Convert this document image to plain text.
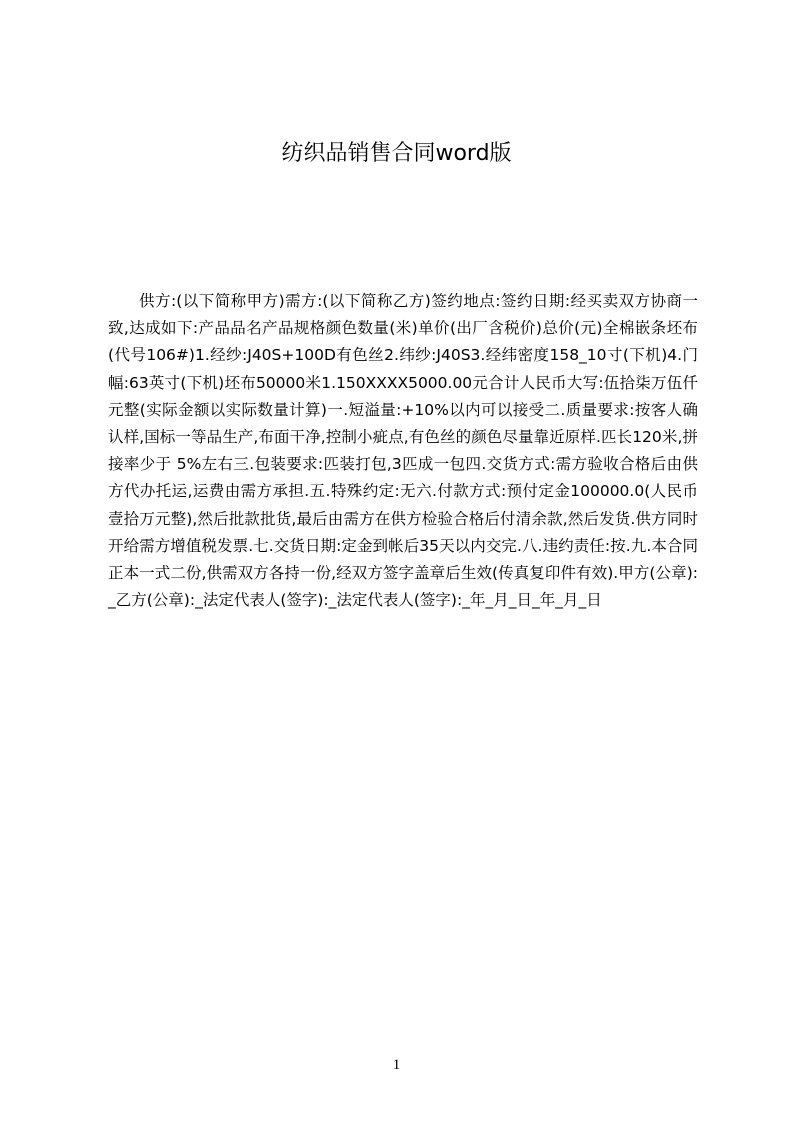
纺织品销售合同word版

供方:(以下简称甲方)需方:(以下简称乙方)签约地点:签约日期:经买卖双方协商一致,达成如下:产品品名产品规格颜色数量(米)单价(出厂含税价)总价(元)全棉嵌条坯布(代号106#)1.经纱:J40S+100D有色丝2.纬纱:J40S3.经纬密度158_10寸(下机)4.门幅:63英寸(下机)坯布50000米1.150XXXX5000.00元合计人民币大写:伍拾柒万伍仟元整(实际金额以实际数量计算)一.短溢量:+10%以内可以接受二.质量要求:按客人确认样,国标一等品生产,布面干净,控制小疵点,有色丝的颜色尽量靠近原样.匹长120米,拼接率少于 5%左右三.包装要求:匹装打包,3匹成一包四.交货方式:需方验收合格后由供方代办托运,运费由需方承担.五.特殊约定:无六.付款方式:预付定金100000.0(人民币壹拾万元整),然后批款批货,最后由需方在供方检验合格后付清余款,然后发货.供方同时开给需方增值税发票.七.交货日期:定金到帐后35天以内交完.八.违约责任:按.九.本合同正本一式二份,供需双方各持一份,经双方签字盖章后生效(传真复印件有效).甲方(公章):_乙方(公章):_法定代表人(签字):_法定代表人(签字):_年_月_日_年_月_日

1
